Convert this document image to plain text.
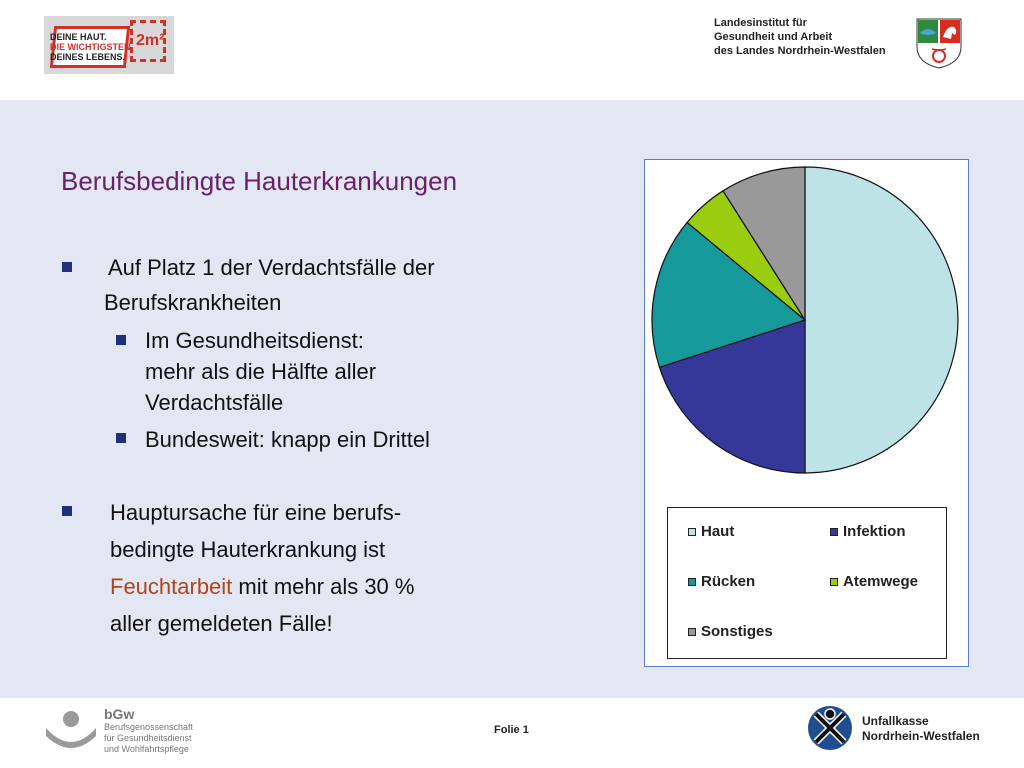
DEINE HAUT.
DIE WICHTIGSTEN
DEINES LEBENS.
2m²
Landesinstitut für
Gesundheit und Arbeit
des Landes Nordrhein-Westfalen
Berufsbedingte Hauterkrankungen
Auf Platz 1 der Verdachtsfälle der
Berufskrankheiten
Im Gesundheitsdienst:
mehr als die Hälfte aller
Verdachtsfälle
Bundesweit: knapp ein Drittel
Hauptursache für eine berufs-
bedingte Hauterkrankung ist
Feuchtarbeit mit mehr als 30 %
aller gemeldeten Fälle!
Haut	Infektion
Rücken	Atemwege
Sonstiges
bGw
Berufsgenossenschaft
für Gesundheitsdienst
und Wohlfahrtspflege
Folie 1
Unfallkasse
Nordrhein-Westfalen
